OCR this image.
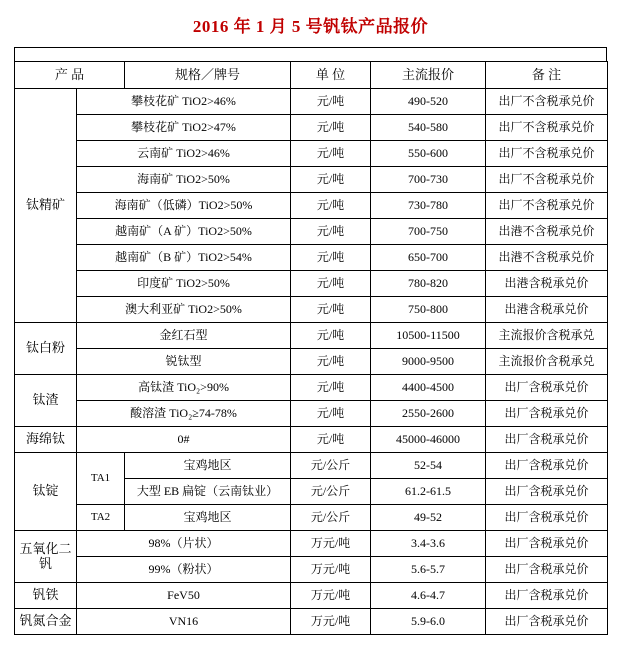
2016 年 1 月 5 号钒钛产品报价
产 品		规格／牌号	单 位	主流报价	备 注
钛精矿	攀枝花矿 TiO2>46%		元/吨	490-520	出厂不含税承兑价
	攀枝花矿 TiO2>47%		元/吨	540-580	出厂不含税承兑价
	云南矿 TiO2>46%		元/吨	550-600	出厂不含税承兑价
	海南矿 TiO2>50%		元/吨	700-730	出厂不含税承兑价
	海南矿（低磷）TiO2>50%		元/吨	730-780	出厂不含税承兑价
	越南矿（A 矿）TiO2>50%		元/吨	700-750	出港不含税承兑价
	越南矿（B 矿）TiO2>54%		元/吨	650-700	出港不含税承兑价
	印度矿 TiO2>50%		元/吨	780-820	出港含税承兑价
	澳大利亚矿 TiO2>50%		元/吨	750-800	出港含税承兑价
钛白粉	金红石型		元/吨	10500-11500	主流报价含税承兑
	锐钛型		元/吨	9000-9500	主流报价含税承兑
钛渣	高钛渣 TiO₂>90%		元/吨	4400-4500	出厂含税承兑价
	酸溶渣 TiO₂≥74-78%		元/吨	2550-2600	出厂含税承兑价
海绵钛	0#		元/吨	45000-46000	出厂含税承兑价
钛锭	TA1	宝鸡地区	元/公斤	52-54	出厂含税承兑价
		大型 EB 扁锭（云南钛业）	元/公斤	61.2-61.5	出厂含税承兑价
	TA2	宝鸡地区	元/公斤	49-52	出厂含税承兑价
五氧化二钒	98%（片状）		万元/吨	3.4-3.6	出厂含税承兑价
	99%（粉状）		万元/吨	5.6-5.7	出厂含税承兑价
钒铁	FeV50		万元/吨	4.6-4.7	出厂含税承兑价
钒氮合金	VN16		万元/吨	5.9-6.0	出厂含税承兑价
